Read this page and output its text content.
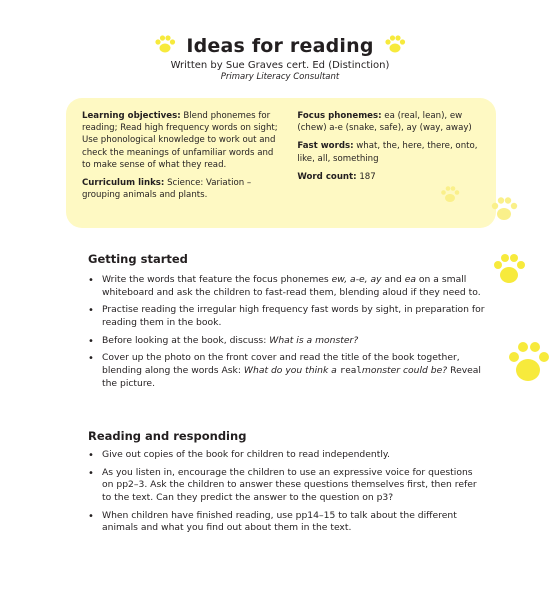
Ideas for reading
Written by Sue Graves cert. Ed (Distinction)
Primary Literacy Consultant

Learning objectives: Blend phonemes for reading; Read high frequency words on sight; Use phonological knowledge to work out and check the meanings of unfamiliar words and to make sense of what they read.

Curriculum links: Science: Variation – grouping animals and plants.

Focus phonemes: ea (real, lean), ew (chew) a-e (snake, safe), ay (way, away)

Fast words: what, the, here, there, onto, like, all, something

Word count: 187

Getting started
• Write the words that feature the focus phonemes ew, a-e, ay and ea on a small whiteboard and ask the children to fast-read them, blending aloud if they need to.
• Practise reading the irregular high frequency fast words by sight, in preparation for reading them in the book.
• Before looking at the book, discuss: What is a monster?
• Cover up the photo on the front cover and read the title of the book together, blending along the words Ask: What do you think a realmonster could be? Reveal the picture.
Reading and responding
• Give out copies of the book for children to read independently.
• As you listen in, encourage the children to use an expressive voice for questions on pp2–3. Ask the children to answer these questions themselves first, then refer to the text. Can they predict the answer to the question on p3?
• When children have finished reading, use pp14–15 to talk about the different animals and what you find out about them in the text.
